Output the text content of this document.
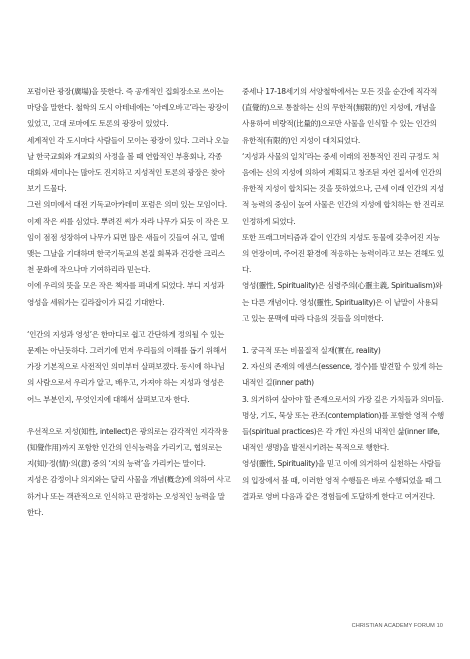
포럼이란 광장(廣場)을 뜻한다. 즉 공개적인 집회장소로 쓰이는 마당을 말한다. 철학의 도시 아테네에는 ‘아레오바고’라는 광장이 있었고, 고대 로마에도 토론의 광장이 있었다.

세계적인 각 도시마다 사람들이 모이는 광장이 있다. 그러나 오늘날 한국교회와 개교회의 사정을 볼 때 연합적인 부흥회나, 각종 대회와 세미나는 많아도 진지하고 지성적인 토론의 광장은 찾아보기 드물다.

그런 의미에서 대전 기독교아카데미 포럼은 의미 있는 모임이다. 이제 작은 씨를 심었다. 뿌려진 씨가 자라 나무가 되듯 이 작은 모임이 점점 성장하여 나무가 되면 많은 새들이 깃들여 쉬고, 열매 맺는 그날을 기대하며 한국기독교의 본질 회복과 건강한 크리스천 문화에 작으나마 기여하리라 믿는다.

이에 우리의 뜻을 모은 작은 책자를 펴내게 되었다. 부디 지성과 영성을 세워가는 길라잡이가 되길 기대한다.

‘인간의 지성과 영성’은 한마디로 쉽고 간단하게 정의될 수 있는 문제는 아닌듯하다. 그러기에 먼저 우리들의 이해를 돕기 위해서 가장 기본적으로 사전적인 의미부터 살펴보겠다. 동시에 하나님의 사람으로서 우리가 알고, 배우고, 가져야 하는 지성과 영성은 어느 부분인지, 무엇인지에 대해서 살펴보고자 한다.

우선적으로 지성(知性, intellect)은 광의로는 감각적인 지각작용(知覺作用)까지 포함한 인간의 인식능력을 가리키고, 협의로는 지(知)·정(情)·의(意) 중의 ‘지의 능력’을 가리키는 말이다.

지성은 감정이나 의지와는 달리 사물을 개념(槪念)에 의하여 사고하거나 또는 객관적으로 인식하고 판정하는 오성적인 능력을 말한다.

중세나 17-18세기의 서양철학에서는 모든 것을 순간에 직각적(直覺的)으로 통찰하는 신의 무한적(無限的)인 지성에, 개념을 사용하여 비량적(比量的)으로만 사물을 인식할 수 있는 인간의 유한적(有限的)인 지성이 대치되었다.

‘지성과 사물의 일치’라는 중세 이래의 전통적인 진리 규정도 처음에는 신의 지성에 의하여 계획되고 창조된 자연 질서에 인간의 유한적 지성이 합치되는 것을 뜻하였으나, 근세 이래 인간의 지성적 능력의 중심이 높여 사물은 인간의 지성에 합치하는 한 진리로 인정하게 되었다.

또한 프래그머티즘과 같이 인간의 지성도 동물에 갖추어진 지능의 연장이며, 주어진 환경에 적응하는 능력이라고 보는 견해도 있다.

영성(靈性, Spirituality)은 심령주의(心靈主義, Spiritualism)와는 다른 개념이다. 영성(靈性, Spirituality)은 이 낱말이 사용되고 있는 문맥에 따라 다음의 것들을 의미한다.

1. 궁극적 또는 비물질적 실재(實在, reality)

2. 자신의 존재의 에센스(essence, 정수)를 발견할 수 있게 하는 내적인 길(inner path)

3. 의거하여 살아야 할 존재으로서의 가장 깊은 가치들과 의미들. 명상, 기도, 묵상 또는 관조(contemplation)를 포함한 영적 수행들(spiritual practices)은 각 개인 자신의 내적인 삶(inner life, 내적인 생명)을 발전시키려는 목적으로 행한다.

영성(靈性, Spirituality)을 믿고 이에 의거하여 실천하는 사람들의 입장에서 볼 때, 이러한 영적 수행들은 바로 수행되었을 때 그 결과로 영버 다음과 같은 경험들에 도달하게 한다고 여겨진다.

CHRISTIAN ACADEMY FORUM 10
